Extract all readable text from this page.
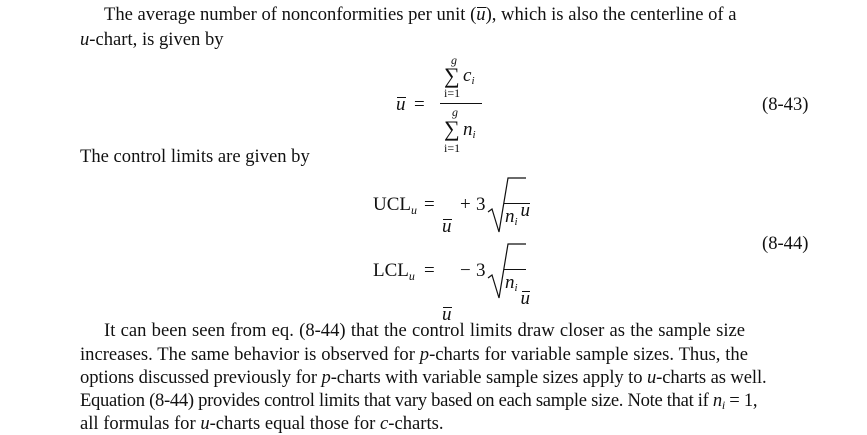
The average number of nonconformities per unit (u), which is also the centerline of a
u-chart, is given by
u =
g
∑ ci
i=1
g
∑ ni
i=1
(8-43)
The control limits are given by
$UCL_u$ =
u
+ 3 u
ni
$LCL_u$ =
u
− 3
u
ni
(8-44)
It can been seen from eq. (8-44) that the control limits draw closer as the sample size
increases. The same behavior is observed for p-charts for variable sample sizes. Thus, the
options discussed previously for p-charts with variable sample sizes apply to u-charts as well.
Equation (8-44) provides control limits that vary based on each sample size. Note that if ni = 1,
all formulas for u-charts equal those for c-charts.
